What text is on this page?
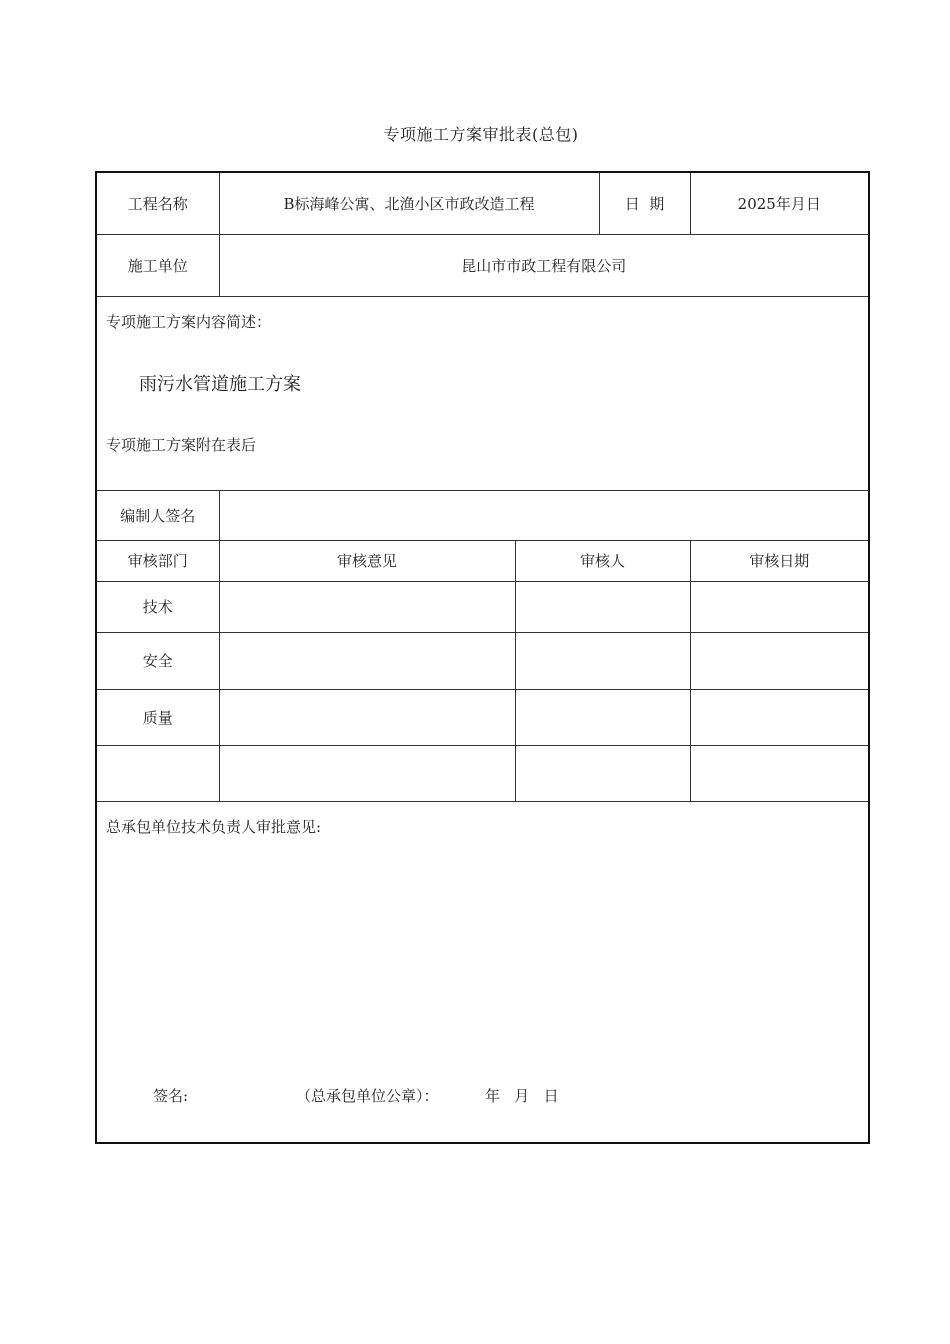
专项施工方案审批表(总包)
工程名称	B标海峰公寓、北渔小区市政改造工程		日  期	2025年月日
施工单位	昆山市市政工程有限公司			

专项施工方案内容简述：
雨污水管道施工方案
专项施工方案附在表后				

编制人签名				
审核部门	审核意见	审核人		审核日期
技术				
安全				
质量				

总承包单位技术负责人审批意见:				
签名:	（总承包单位公章）：	年   月   日
